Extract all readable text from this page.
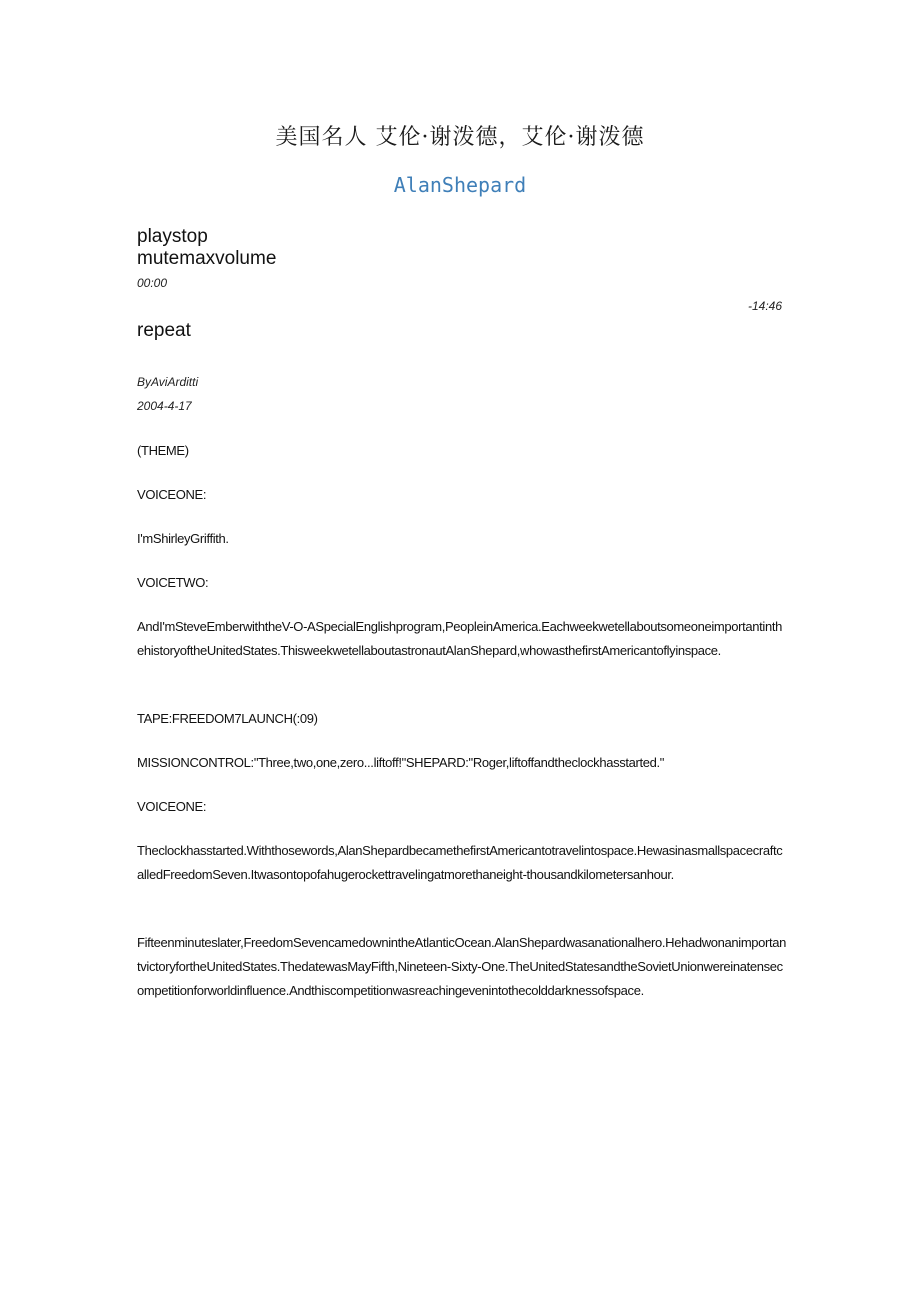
美国名人 艾伦·谢泼德，艾伦·谢泼德
AlanShepard
playstop
mutemaxvolume
00:00
-14:46
repeat
ByAviArditti
2004-4-17
(THEME)
VOICEONE:
I'mShirleyGriffith.
VOICETWO:
AndI'mSteveEmberwiththeV-O-ASpecialEnglishprogram,PeopleinAmerica.EachweekwetellaboutsomeoneimportantinthehistoryoftheUnitedStates.ThisweekwetellaboutastronautAlanShepard,whowasthefirstAmericantoflyinspace.
TAPE:FREEDOM7LAUNCH(:09)
MISSIONCONTROL:"Three,two,one,zero...liftoff!"SHEPARD:"Roger,liftoffandtheclockhasstarted."
VOICEONE:
Theclockhasstarted.Withthosewords,AlanShepardbecamethefirstAmericantotravelintospace.HewasinasmallspacecraftcalledFreedomSeven.Itwasontopofahugerockettravelingatmorethaneight-thousandkilometersanhour.
Fifteenminuteslater,FreedomSevencamedownintheAtlanticOcean.AlanShepardwasanationalhero.HehadwonanimportantvictoryfortheUnitedStates.ThedatewasMayFifth,Nineteen-Sixty-One.TheUnitedStatesandtheSovietUnionwereinatensecompetitionforworldinfluence.Andthiscompetitionwasreachingevenintothecolddarknessofspace.
